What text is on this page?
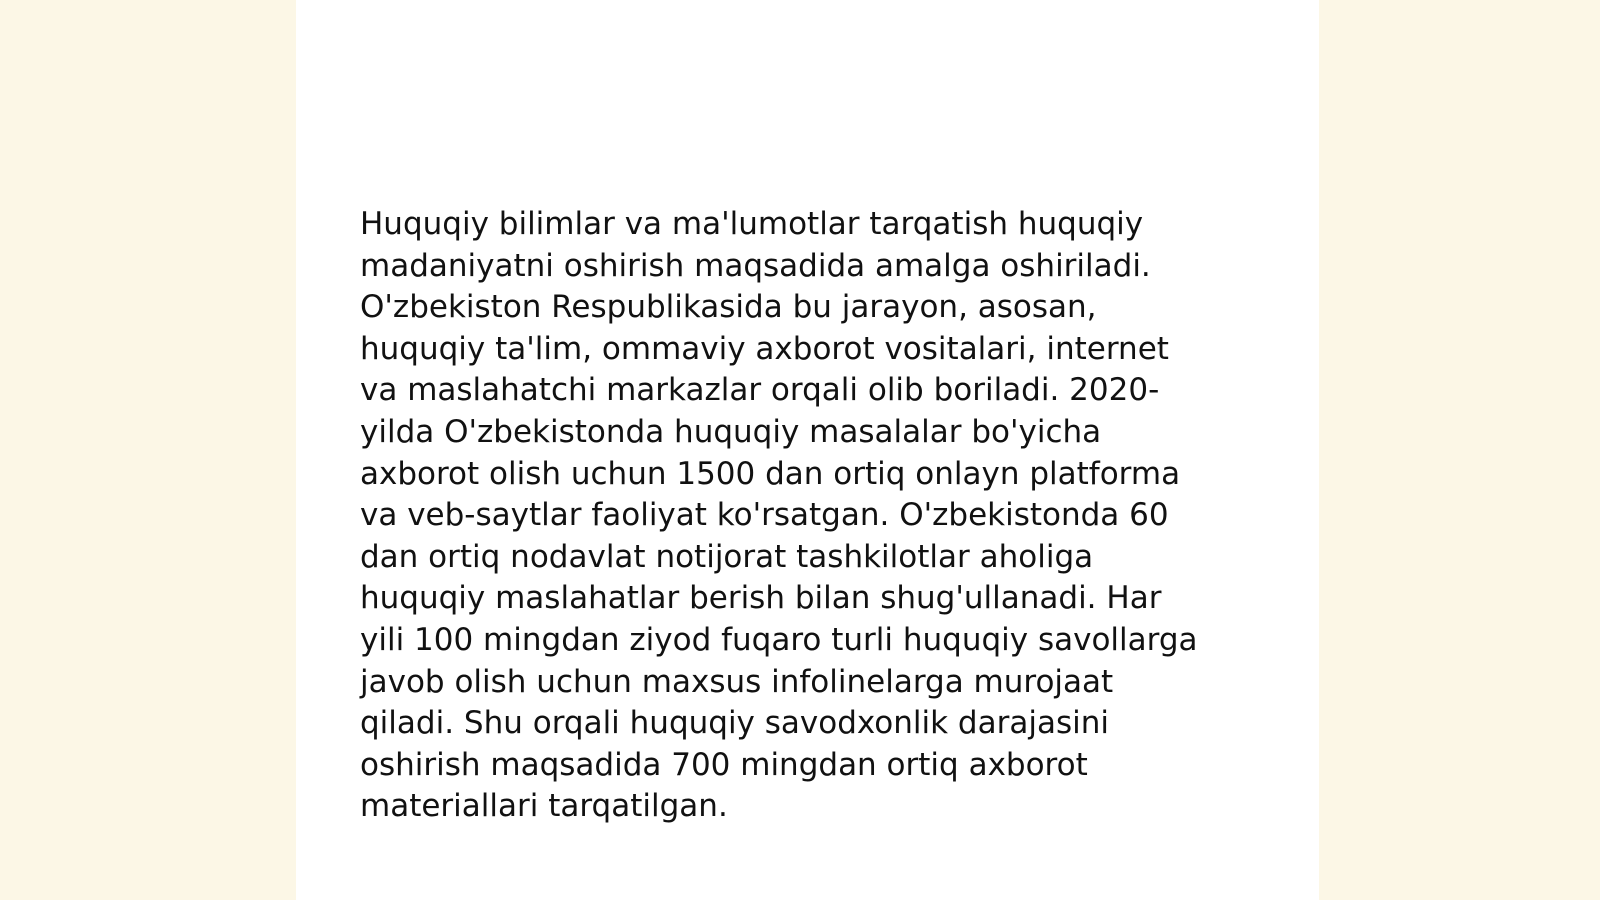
Huquqiy bilimlar va ma'lumotlar tarqatish huquqiy
madaniyatni oshirish maqsadida amalga oshiriladi.
O'zbekiston Respublikasida bu jarayon, asosan,
huquqiy ta'lim, ommaviy axborot vositalari, internet
va maslahatchi markazlar orqali olib boriladi. 2020-
yilda O'zbekistonda huquqiy masalalar bo'yicha
axborot olish uchun 1500 dan ortiq onlayn platforma
va veb-saytlar faoliyat ko'rsatgan. O'zbekistonda 60
dan ortiq nodavlat notijorat tashkilotlar aholiga
huquqiy maslahatlar berish bilan shug'ullanadi. Har
yili 100 mingdan ziyod fuqaro turli huquqiy savollarga
javob olish uchun maxsus infolinelarga murojaat
qiladi. Shu orqali huquqiy savodxonlik darajasini
oshirish maqsadida 700 mingdan ortiq axborot
materiallari tarqatilgan.
